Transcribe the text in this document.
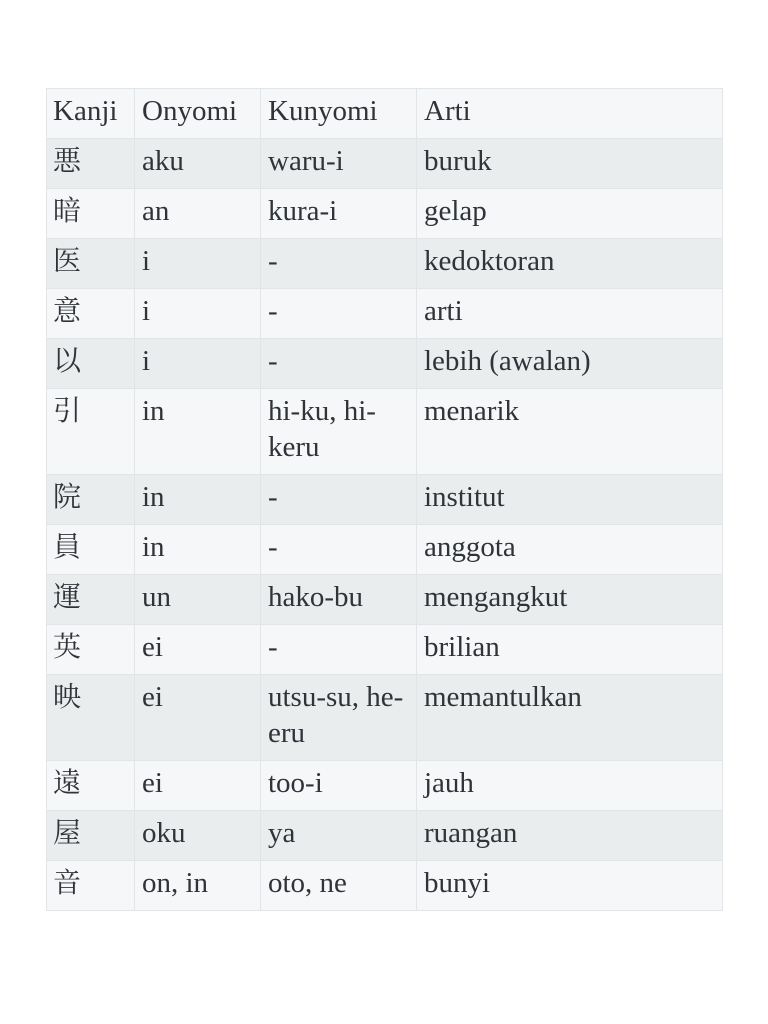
Kanji	Onyomi	Kunyomi	Arti
悪	aku	waru-i	buruk
暗	an	kura-i	gelap
医	i	-	kedoktoran
意	i	-	arti
以	i	-	lebih (awalan)
引	in	hi-ku, hi-keru	menarik
院	in	-	institut
員	in	-	anggota
運	un	hako-bu	mengangkut
英	ei	-	brilian
映	ei	utsu-su, he-eru	memantulkan
遠	ei	too-i	jauh
屋	oku	ya	ruangan
音	on, in	oto, ne	bunyi
